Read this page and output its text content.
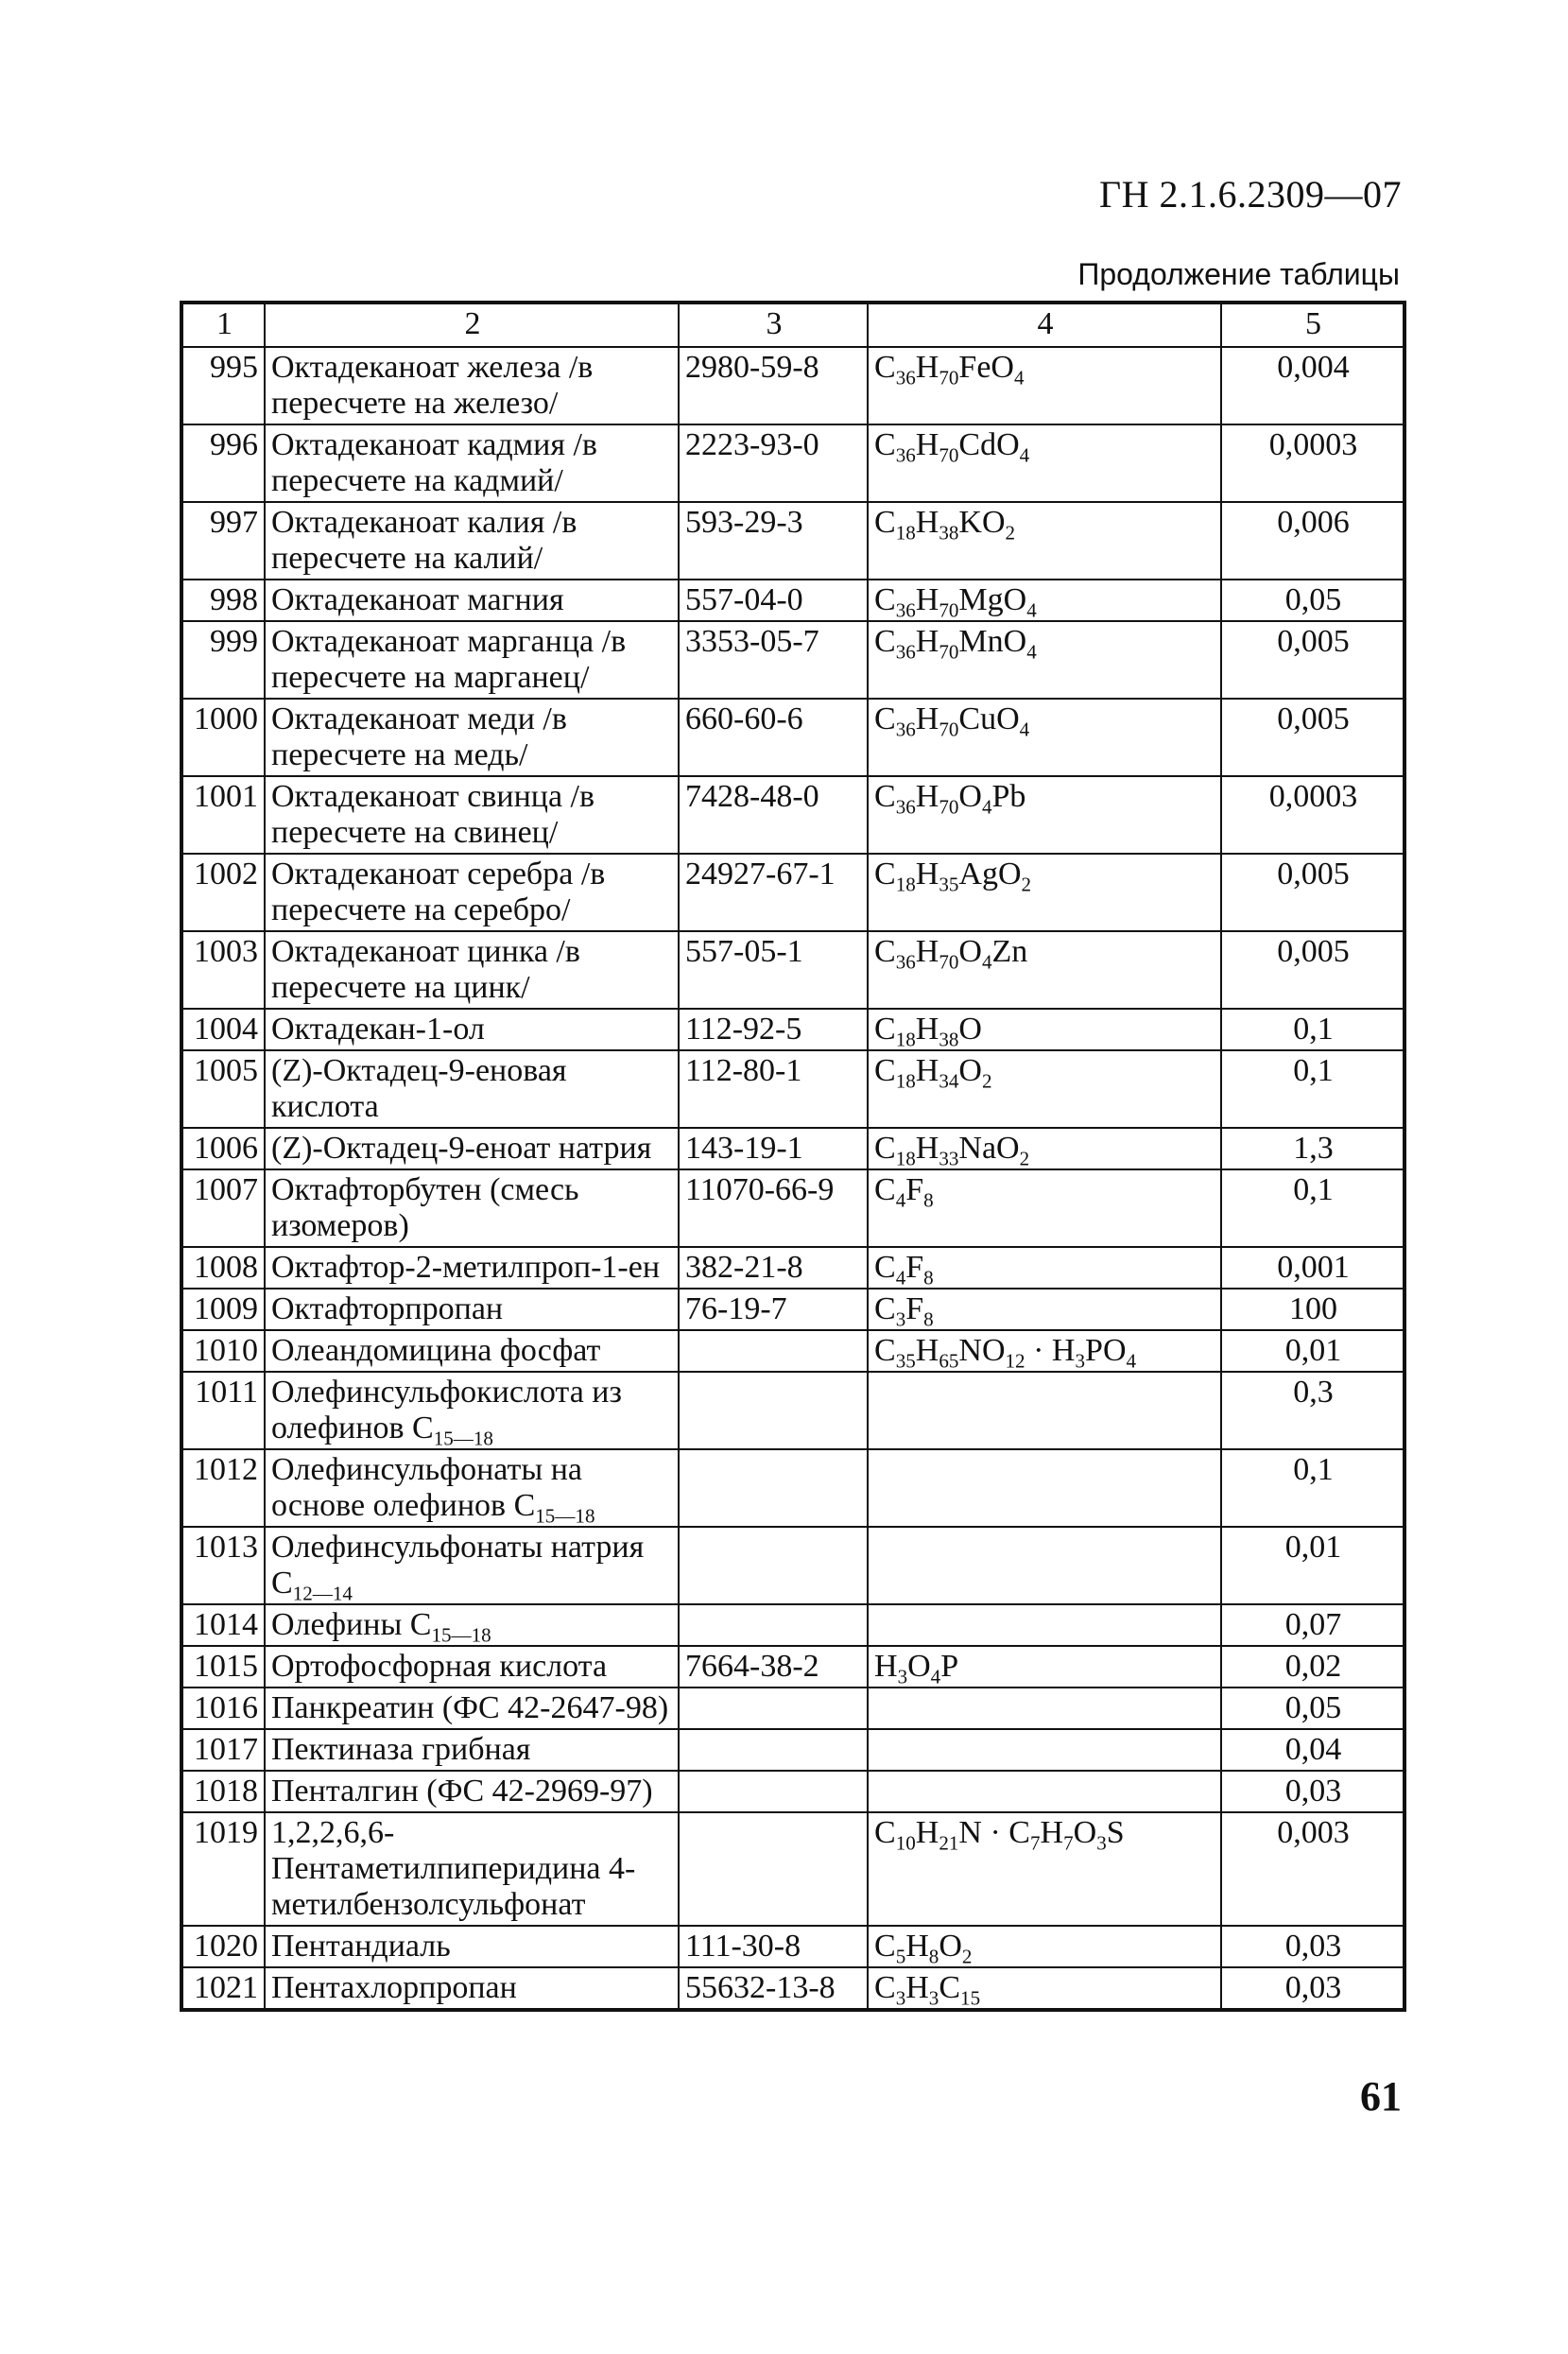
ГН 2.1.6.2309—07
Продолжение таблицы
1	2	3	4	5
995	Октадеканоат железа /в пересчете на железо/	2980-59-8	$C_{36}H_{70}FeO_4$	0,004
996	Октадеканоат кадмия /в пересчете на кадмий/	2223-93-0	$C_{36}H_{70}CdO_4$	0,0003
997	Октадеканоат калия /в пересчете на калий/	593-29-3	$C_{18}H_{38}KO_2$	0,006
998	Октадеканоат магния	557-04-0	$C_{36}H_{70}MgO_4$	0,05
999	Октадеканоат марганца /в пересчете на марганец/	3353-05-7	$C_{36}H_{70}MnO_4$	0,005
1000	Октадеканоат меди /в пересчете на медь/	660-60-6	$C_{36}H_{70}CuO_4$	0,005
1001	Октадеканоат свинца /в пересчете на свинец/	7428-48-0	$C_{36}H_{70}O_4Pb$	0,0003
1002	Октадеканоат серебра /в пересчете на серебро/	24927-67-1	$C_{18}H_{35}AgO_2$	0,005
1003	Октадеканоат цинка /в пересчете на цинк/	557-05-1	$C_{36}H_{70}O_4Zn$	0,005
1004	Октадекан-1-ол	112-92-5	$C_{18}H_{38}O$	0,1
1005	(Z)-Октадец-9-еновая кислота	112-80-1	$C_{18}H_{34}O_2$	0,1
1006	(Z)-Октадец-9-еноат натрия	143-19-1	$C_{18}H_{33}NaO_2$	1,3
1007	Октафторбутен (смесь изомеров)	11070-66-9	$C_4F_8$	0,1
1008	Октафтор-2-метилпроп-1-ен	382-21-8	$C_4F_8$	0,001
1009	Октафторпропан	76-19-7	$C_3F_8$	100
1010	Олеандомицина фосфат		$C_{35}H_{65}NO_{12} \cdot H_3PO_4$	0,01
1011	Олефинсульфокислота из олефинов $C_{15—18}$			0,3
1012	Олефинсульфонаты на основе олефинов $C_{15—18}$			0,1
1013	Олефинсульфонаты натрия $C_{12—14}$			0,01
1014	Олефины $C_{15—18}$			0,07
1015	Ортофосфорная кислота	7664-38-2	$H_3O_4P$	0,02
1016	Панкреатин (ФС 42-2647-98)			0,05
1017	Пектиназа грибная			0,04
1018	Пенталгин (ФС 42-2969-97)			0,03
1019	1,2,2,6,6-Пентаметилпиперидина 4-метилбензолсульфонат		$C_{10}H_{21}N \cdot C_7H_7O_3S$	0,003
1020	Пентандиаль	111-30-8	$C_5H_8O_2$	0,03
1021	Пентахлорпропан	55632-13-8	$C_3H_3C_{15}$	0,03
61
